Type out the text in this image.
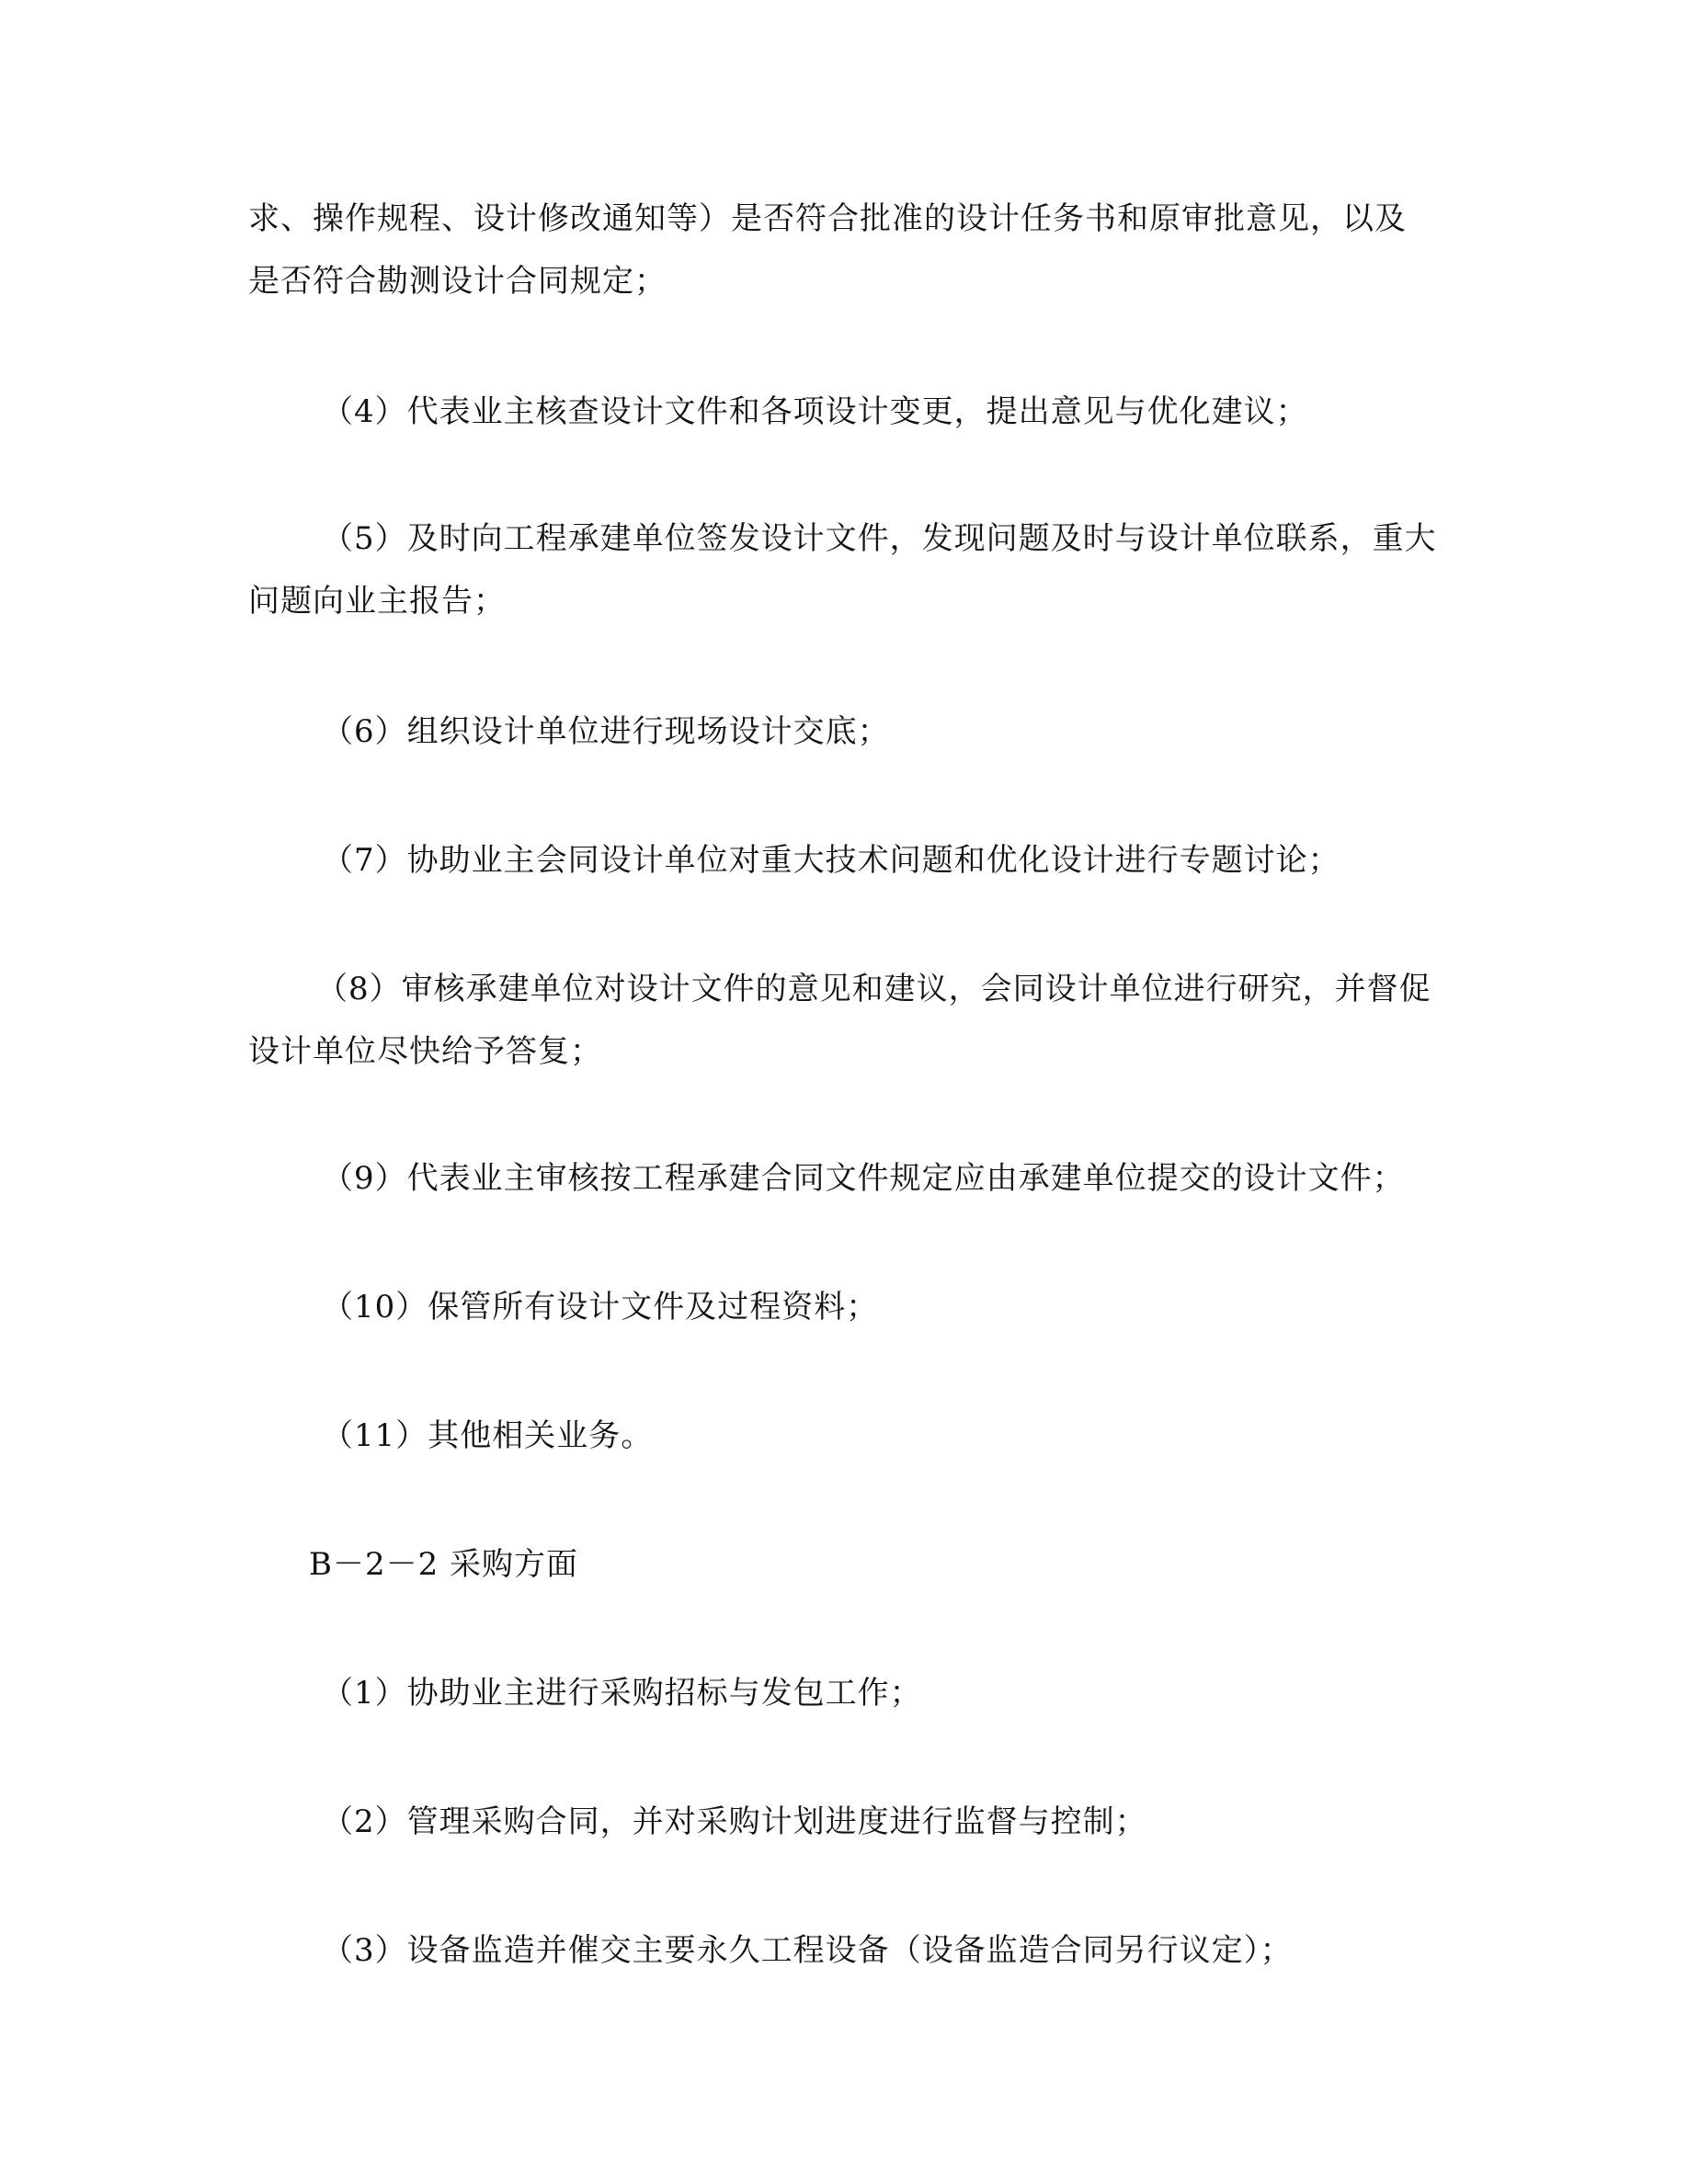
求、操作规程、设计修改通知等）是否符合批准的设计任务书和原审批意见，以及
是否符合勘测设计合同规定；
（4）代表业主核查设计文件和各项设计变更，提出意见与优化建议；
（5）及时向工程承建单位签发设计文件，发现问题及时与设计单位联系，重大
问题向业主报告；
（6）组织设计单位进行现场设计交底；
（7）协助业主会同设计单位对重大技术问题和优化设计进行专题讨论；
（8）审核承建单位对设计文件的意见和建议，会同设计单位进行研究，并督促
设计单位尽快给予答复；
（9）代表业主审核按工程承建合同文件规定应由承建单位提交的设计文件；
（10）保管所有设计文件及过程资料；
（11）其他相关业务。
B－2－2 采购方面
（1）协助业主进行采购招标与发包工作；
（2）管理采购合同，并对采购计划进度进行监督与控制；
（3）设备监造并催交主要永久工程设备（设备监造合同另行议定）；
